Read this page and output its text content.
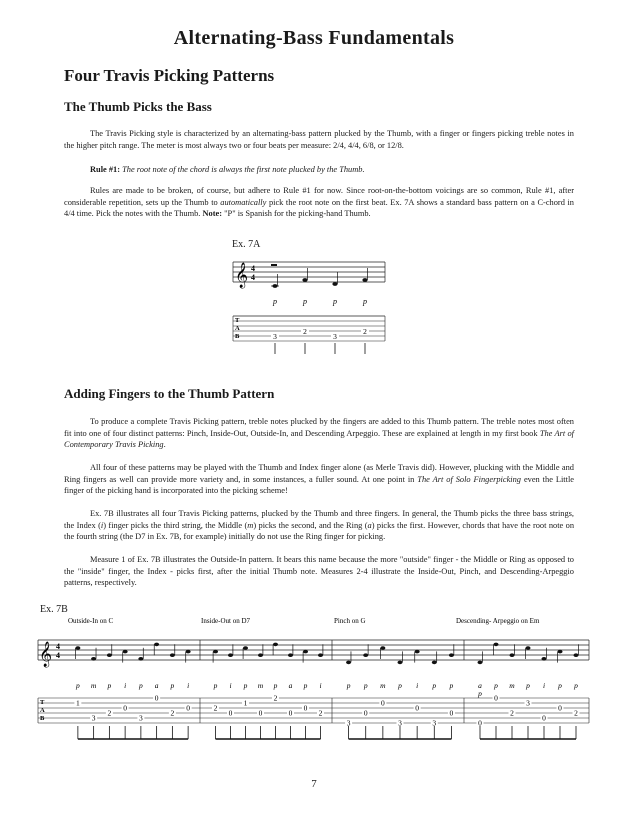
Alternating-Bass Fundamentals
Four Travis Picking Patterns
The Thumb Picks the Bass

The Travis Picking style is characterized by an alternating-bass pattern plucked by the Thumb, with a finger or fingers picking treble notes in the higher pitch range. The meter is most always two or four beats per measure: 2/4, 4/4, 6/8, or 12/8.

Rule #1: The root note of the chord is always the first note plucked by the Thumb.

Rules are made to be broken, of course, but adhere to Rule #1 for now. Since root-on-the-bottom voicings are so common, Rule #1, after considerable repetition, sets up the Thumb to automatically pick the root note on the first beat. Ex. 7A shows a standard bass pattern on a C-chord in 4/4 time. Pick the notes with the Thumb. Note: "P" is Spanish for the picking-hand Thumb.

Ex. 7A
𝄞 4
4
p	p	p	p
T
A
B	3
2
3
2
Adding Fingers to the Thumb Pattern

To produce a complete Travis Picking pattern, treble notes plucked by the fingers are added to this Thumb pattern. The treble notes most often fit into one of four distinct patterns: Pinch, Inside-Out, Outside-In, and Descending Arpeggio. These are explained at length in my first book The Art of Contemporary Travis Picking.

All four of these patterns may be played with the Thumb and Index finger alone (as Merle Travis did). However, plucking with the Middle and Ring fingers as well can provide more variety and, in some instances, a fuller sound. At one point in The Art of Solo Fingerpicking even the Little finger of the picking hand is incorporated into the picking scheme!

Ex. 7B illustrates all four Travis Picking patterns, plucked by the Thumb and three fingers. In general, the Thumb picks the three bass strings, the Index (i) finger picks the third string, the Middle (m) picks the second, and the Ring (a) picks the first. However, chords that have the root note on the fourth string (the D7 in Ex. 7B, for example) initially do not use the Ring finger for picking.

Measure 1 of Ex. 7B illustrates the Outside-In pattern. It bears this name because the more "outside" finger - the Middle or Ring as opposed to the "inside" finger, the Index - picks first, after the initial Thumb note. Measures 2-4 illustrate the Inside-Out, Pinch, and Descending-Arpeggio patterns, respectively.

Ex. 7B
Outside-In on C	Inside-Out on D7	Pinch on G	Descending- Arpeggio on Em
𝄞 4
4
p m p i p a p i	p i p m p a p i	p p m p i p p	a p m p i p p
p
T
A
B
1
3
2
0
3
0
2
0	2
0
1
0
2
0
0
2
3
0
0
3
0
3
0
0
0
2
3
0
0
2
7
